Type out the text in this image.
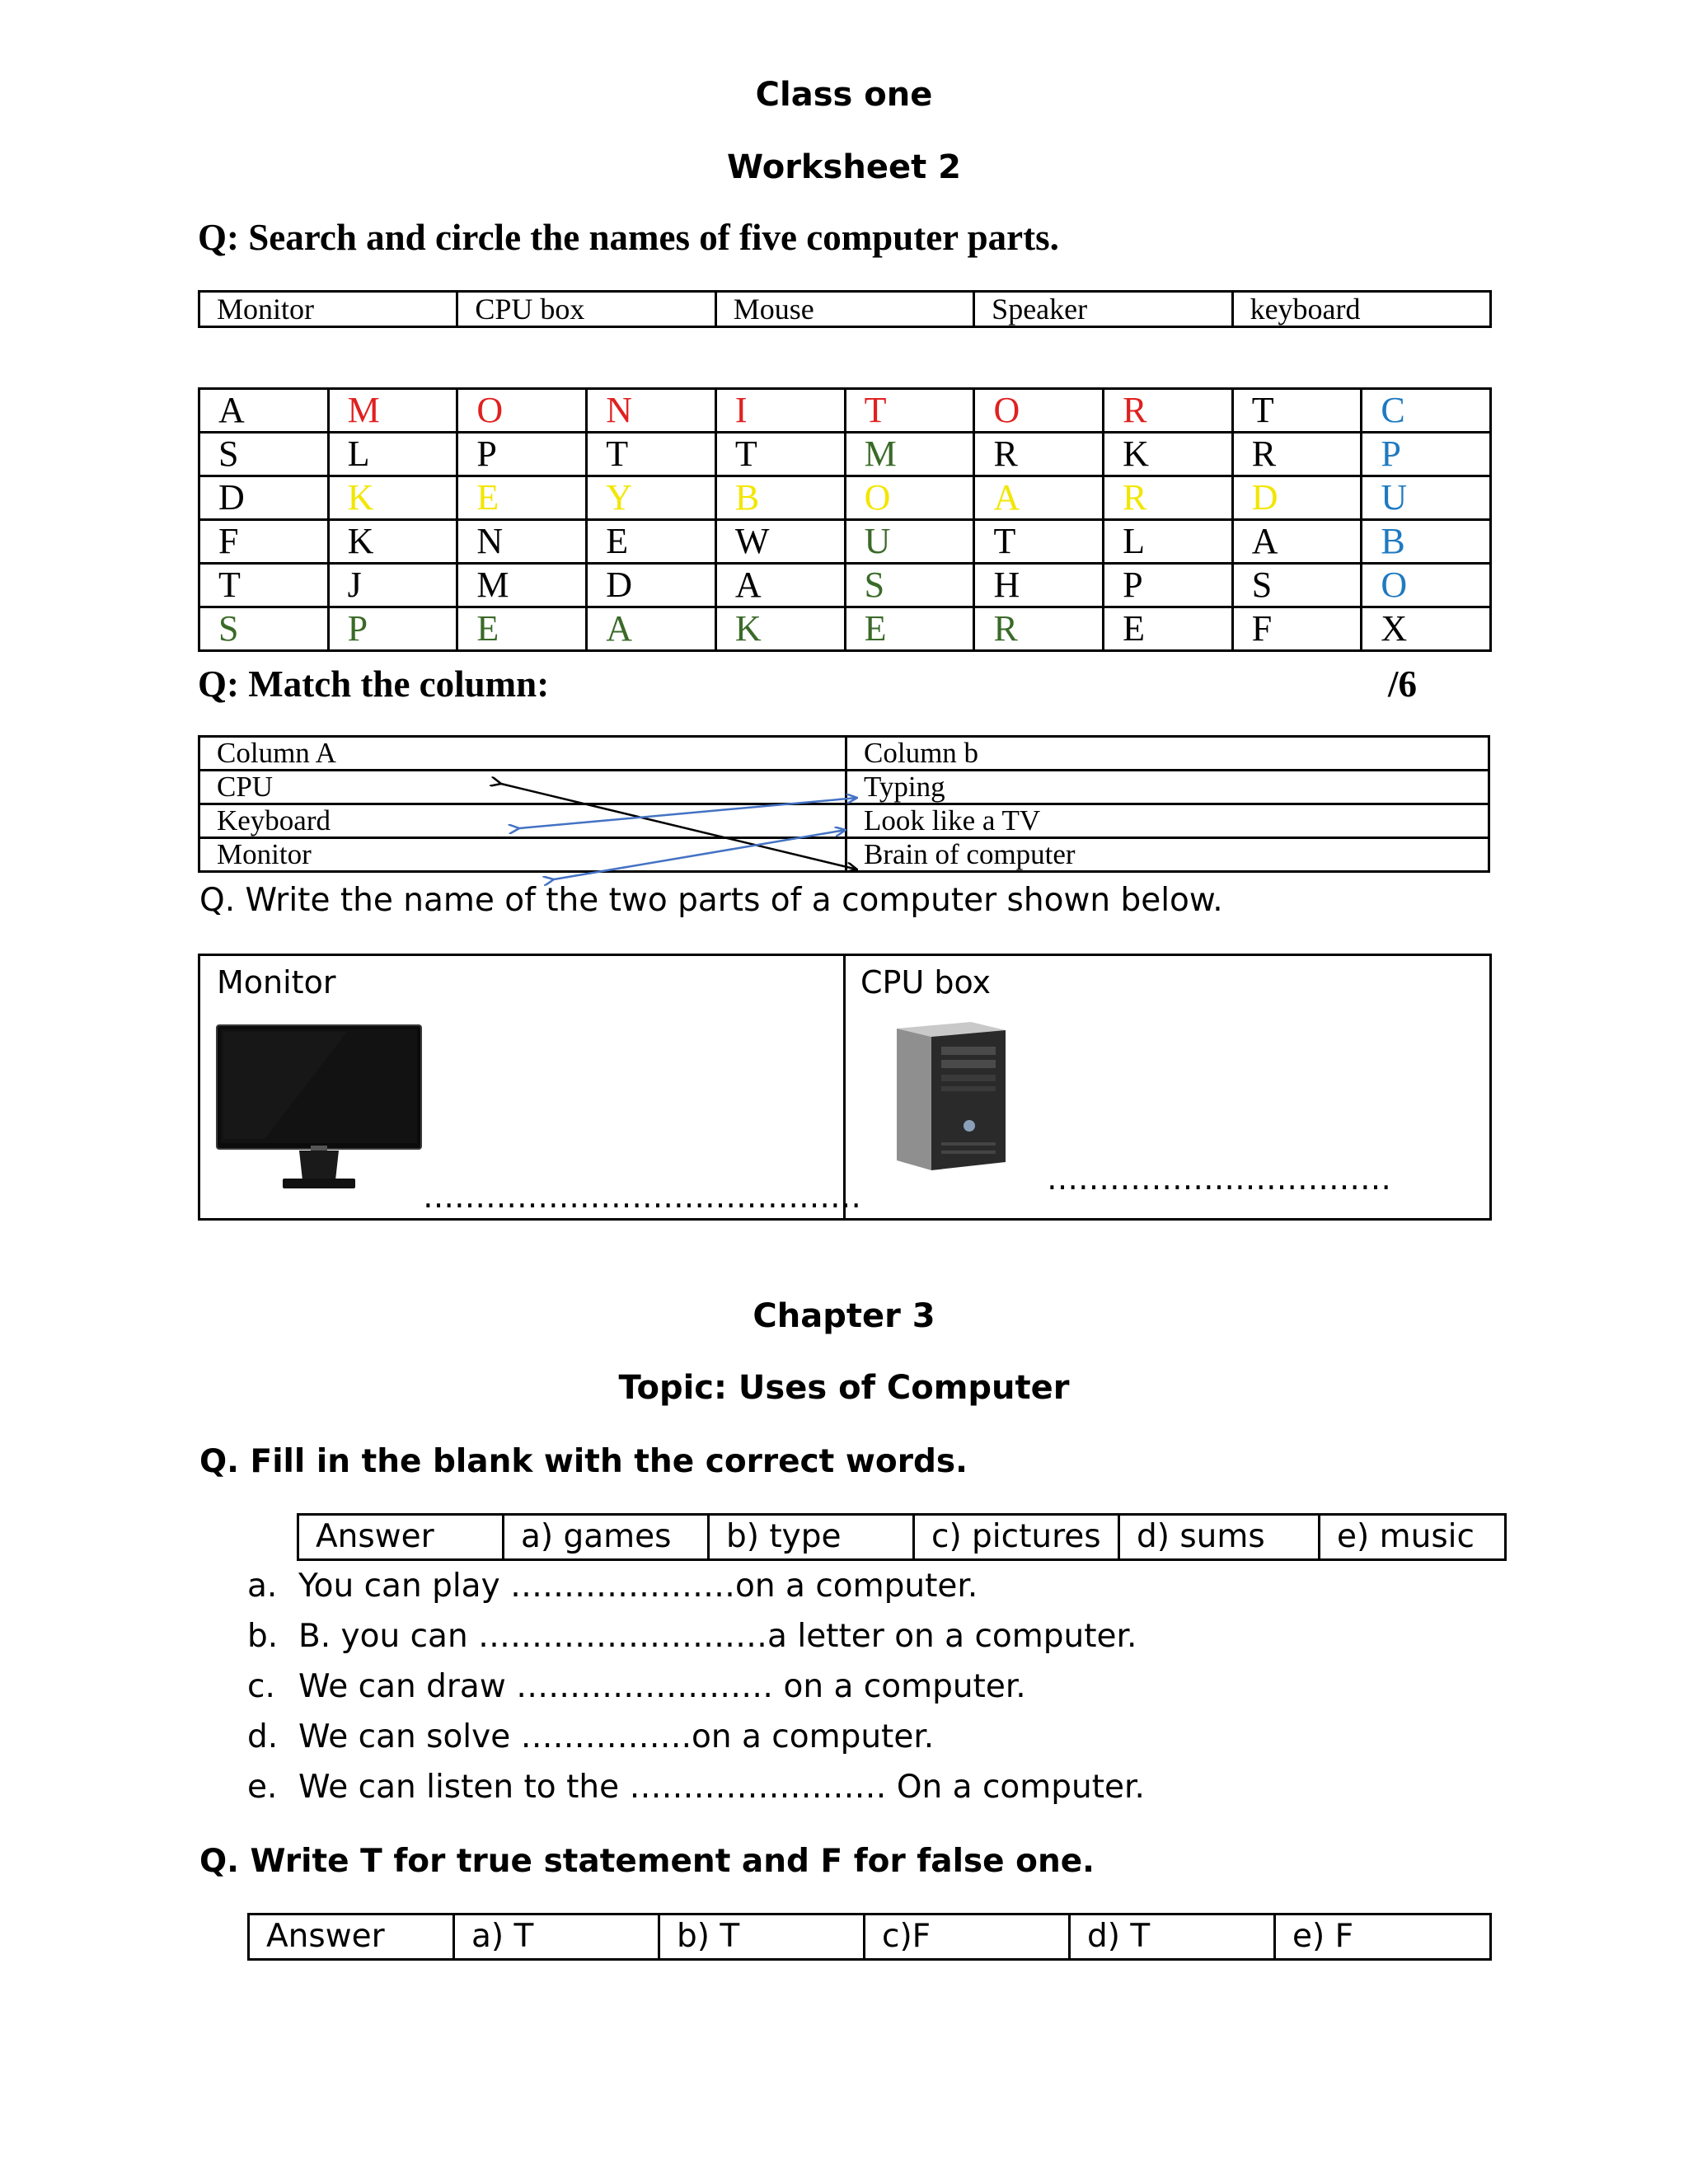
Class one
Worksheet 2
Q: Search and circle the names of five computer parts.
Monitor	CPU box	Mouse	Speaker	keyboard
A	M	O	N	I	T	O	R	T	C
S	L	P	T	T	M	R	K	R	P
D	K	E	Y	B	O	A	R	D	U
F	K	N	E	W	U	T	L	A	B
T	J	M	D	A	S	H	P	S	O
S	P	E	A	K	E	R	E	F	X
Q: Match the column:	/6
Column A	Column b
CPU	Typing
Keyboard	Look like a TV
Monitor	Brain of computer
Q. Write the name of the two parts of a computer shown below.
Monitor
……………………………………

CPU box
……………………………
Chapter 3
Topic: Uses of Computer
Q. Fill in the blank with the correct words.
Answer	a) games	b) type	c) pictures	d) sums	e) music
a. You can play …………………on a computer.
b. B. you can ………………………a letter on a computer.
c. We can draw …………………… on a computer.
d. We can solve …………….on a computer.
e. We can listen to the …………………… On a computer.
Q. Write T for true statement and F for false one.
Answer	a) T	b) T	c)F	d) T	e) F
